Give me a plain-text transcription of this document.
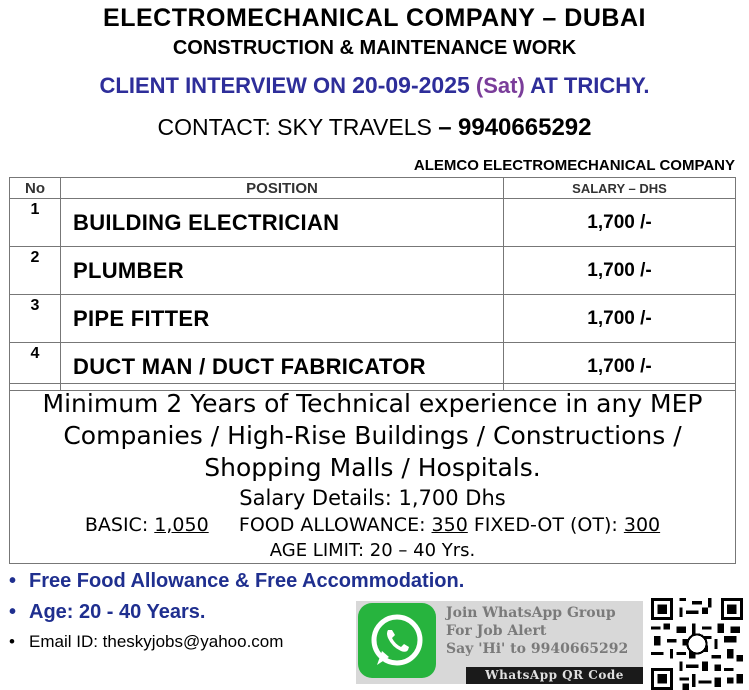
ELECTROMECHANICAL COMPANY – DUBAI
CONSTRUCTION & MAINTENANCE WORK
CLIENT INTERVIEW ON 20-09-2025 (Sat) AT TRICHY.
CONTACT: SKY TRAVELS – 9940665292
ALEMCO ELECTROMECHANICAL COMPANY
No	POSITION	SALARY – DHS
1	BUILDING ELECTRICIAN	1,700 /-
2	PLUMBER	1,700 /-
3	PIPE FITTER	1,700 /-
4	DUCT MAN / DUCT FABRICATOR	1,700 /-
Minimum 2 Years of Technical experience in any MEP
Companies / High-Rise Buildings / Constructions /
Shopping Malls / Hospitals.
Salary Details: 1,700 Dhs
BASIC: 1,050 FOOD ALLOWANCE: 350 FIXED-OT (OT): 300
AGE LIMIT: 20 – 40 Yrs.
• Free Food Allowance & Free Accommodation.
• Age: 20 - 40 Years.
• Email ID: theskyjobs@yahoo.com
Join WhatsApp Group
For Job Alert
Say 'Hi' to 9940665292
WhatsApp QR Code
